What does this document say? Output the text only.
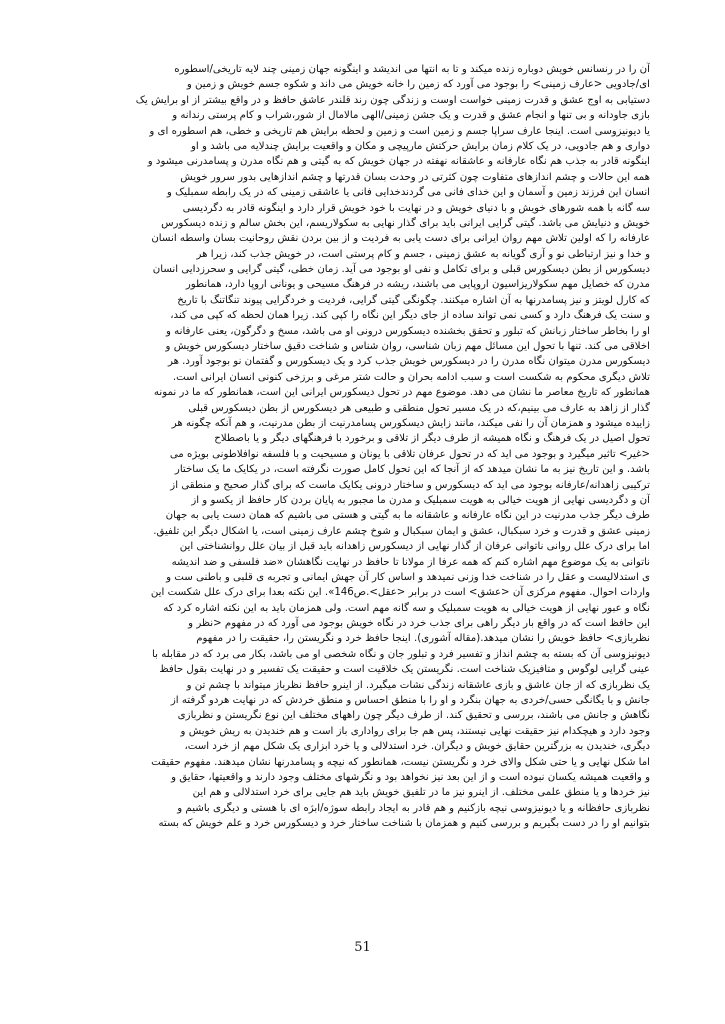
آن را در رنسانس خویش دوباره زنده میکند و تا به انتها می اندیشد و اینگونه جهان زمینی چند لایه تاریخی/اسطوره
ای/جادویی <عارف زمینی> را بوجود می آورد که زمین را خانه خویش می داند و شکوه جسم خویش و زمین و
دستیابی به اوج عشق و قدرت زمینی خواست اوست و زندگی چون رند قلندر عاشق حافظ و در واقع بیشتر از او برایش یک
بازی جاودانه و بی تنها و انجام عشق و قدرت و یک جشن زمینی/الهی مالامال از شور،شراب و کام پرستی رندانه و
یا دیونیزوسی است. اینجا عارف سراپا جسم و زمین است و زمین و لحظه برایش هم تاریخی و خطی، هم اسطوره ای و
دواری و هم جادویی، در یک کلام زمان برایش حرکتش مارپیچی و مکان و واقعیت برایش چندلایه می باشد و او
اینگونه قادر به جذب هم نگاه عارفانه و عاشقانه نهفته در جهان خویش که به گیتی و هم نگاه مدرن و پسامدرنی میشود و
همه این حالات و چشم اندازهای متفاوت چون کثرتی در وحدت بسان قدرتها و چشم اندازهایی بدور سرور خویش
انسان این فرزند زمین و آسمان و این خدای فانی می گردندخدایی فانی یا عاشقی زمینی که در یک رابطه سمبلیک و
سه گانه با همه شورهای خویش و با دنیای خویش و در نهایت با خود خویش قرار دارد و اینگونه قادر به دگردیسی
خویش و دنیایش می باشد. گیتی گرایی ایرانی باید برای گذار نهایی به سکولاریسم، این بخش سالم و زنده دیسکورس
عارفانه را که اولین تلاش مهم روان ایرانی برای دست یابی به فردیت و از بین بردن نقش روحانیت بسان واسطه انسان
و خدا و نیز ارتباطی نو و آری گویانه به عشق زمینی ، جسم و کام پرستی است، در خویش جذب کند، زیرا هر
دیسکورس از بطن دیسکورس قبلی و برای تکامل و نفی او بوجود می آید. زمان خطی، گیتی گرایی و سحرزدایی انسان
مدرن که خصایل مهم سکولاریزاسیون اروپایی می باشند، ریشه در فرهنگ مسیحی و یونانی اروپا دارد، همانطور
که کارل لویتز و نیز پسامدرنها به آن اشاره میکنند. چگونگی گیتی گرایی، فردیت و خردگرایی پیوند تنگاتنگ با تاریخ
و سنت یک فرهنگ دارد و کسی نمی تواند ساده از جای دیگر این نگاه را کپی کند. زیرا همان لحظه که کپی می کند،
او را بخاطر ساختار زبانش که تبلور و تحقق بخشنده دیسکورس درونی او می باشد، مسخ و دگرگون، یعنی عارفانه و
اخلاقی می کند. تنها با تحول این مسائل مهم زبان شناسی، روان شناس و شناخت دقیق ساختار دیسکورس خویش و
دیسکورس مدرن میتوان نگاه مدرن را در دیسکورس خویش جذب کرد و یک دیسکورس و گفتمان نو بوجود آورد. هر
تلاش دیگری محکوم به شکست است و سبب ادامه بحران و حالت شتر مرغی و برزخی کنونی انسان ایرانی است.
همانطور که تاریخ معاصر ما نشان می دهد. موضوع مهم در تحول دیسکورس ایرانی این است، همانطور که ما در نمونه
گذار از زاهد به عارف می بینیم،که در یک مسیر تحول منطقی و طبیعی هر دیسکورس از بطن دیسکورس قبلی
زاییده میشود و همزمان آن را نفی میکند، مانند زایش دیسکورس پسامدرنیت از بطن مدرنیت، و هم آنکه چگونه هر
تحول اصیل در یک فرهنگ و نگاه همیشه از طرف دیگر از تلاقی و برخورد با فرهنگهای دیگر و یا باصطلاح
<غیر> تاثیر میگیرد و بوجود می اید که در تحول عرفان تلاقی با یونان و مسیحیت و با فلسفه نوافلاطونی بویژه می
باشد. و این تاریخ نیز به ما نشان میدهد که از آنجا که این تحول کامل صورت نگرفته است، در یکایک ما یک ساختار
ترکیبی زاهدانه/عارفانه بوجود می اید که دیسکورس و ساختار درونی یکایک ماست که برای گذار صحیح و منطقی از
آن و دگردیسی نهایی از هویت خیالی به هویت سمبلیک و مدرن ما مجبور به پایان بردن کار حافظ از یکسو و از
طرف دیگر جذب مدرنیت در این نگاه عارفانه و عاشقانه ما به گیتی و هستی می باشیم که همان دست یابی به جهان
زمینی عشق و قدرت و خرد سبکبال، عشق و ایمان سبکبال و شوخ چشم عارف زمینی است، یا اشکال دیگر این تلفیق.
اما برای درک علل روانی ناتوانی عرفان از گذار نهایی از دیسکورس زاهدانه باید قبل از بیان علل روانشناختی این
ناتوانی به یک موضوع مهم اشاره کنم که همه عرفا از مولانا تا حافظ در نهایت نگاهشان «ضد فلسفی و ضد اندیشه
ی استدلالیست و عقل را در شناخت خدا وزنی نمیدهد و اساس کار آن جهش ایمانی و تجربه ی قلبی و باطنی ست و
واردات احوال. مفهوم مرکزی آن <عشق> است در برابر <عقل>.ص146». این نکته بعدا برای درک علل شکست این
نگاه و عبور نهایی از هویت خیالی به هویت سمبلیک و سه گانه مهم است. ولی همزمان باید به این نکته اشاره کرد که
این حافظ است که در واقع بار دیگر راهی برای جذب خرد در نگاه خویش بوجود می آورد که در مفهوم <نظر و
نظربازی> حافظ خویش را نشان میدهد.(مقاله آشوری). اینجا حافظ خرد و نگریستن را، حقیقت را در مفهوم
دیونیزوسی آن که بسته به چشم انداز و تفسیر فرد و تبلور جان و نگاه شخصی او می باشد، بکار می برد که در مقابله با
عینی گرایی لوگوس و متافیزیک شناخت است. نگریستن یک خلاقیت است و حقیقت یک تفسیر و در نهایت بقول حافظ
یک نظربازی که از جان عاشق و بازی عاشقانه زندگی نشات میگیرد. از اینرو حافظ نظرباز میتواند با چشم تن و
جانش و با یگانگی حسی/خردی به جهان بنگرد و او را با منطق احساس و منطق خردش که در نهایت هردو گرفته از
نگاهش و جانش می باشند، بررسی و تحقیق کند. از طرف دیگر چون راههای مختلف این نوع نگریستن و نظربازی
وجود دارد و هیچکدام نیز حقیقت نهایی نیستند، پس هم جا برای رواداری باز است و هم خندیدن به ریش خویش و
دیگری، خندیدن به بزرگترین حقایق خویش و دیگران. خرد استدلالی و یا خرد ابزاری یک شکل مهم از خرد است،
اما شکل نهایی و یا حتی شکل والای خرد و نگریستن نیست، همانطور که نیچه و پسامدرنها نشان میدهند. مفهوم حقیقت
و واقعیت همیشه یکسان نبوده است و از این بعد نیز نخواهد بود و نگرشهای مختلف وجود دارند و واقعیتها، حقایق و
نیز خردها و یا منطق علمی مختلف. از اینرو نیز ما در تلفیق خویش باید هم جایی برای خرد استدلالی و هم این
نظربازی حافظانه و یا دیونیزوسی نیچه بازکنیم و هم قادر به ایجاد رابطه سوژه/ابژه ای با هستی و دیگری باشیم و
بتوانیم او را در دست بگیریم و بررسی کنیم و همزمان با شناخت ساختار خرد و دیسکورس خرد و علم خویش که بسته
51
